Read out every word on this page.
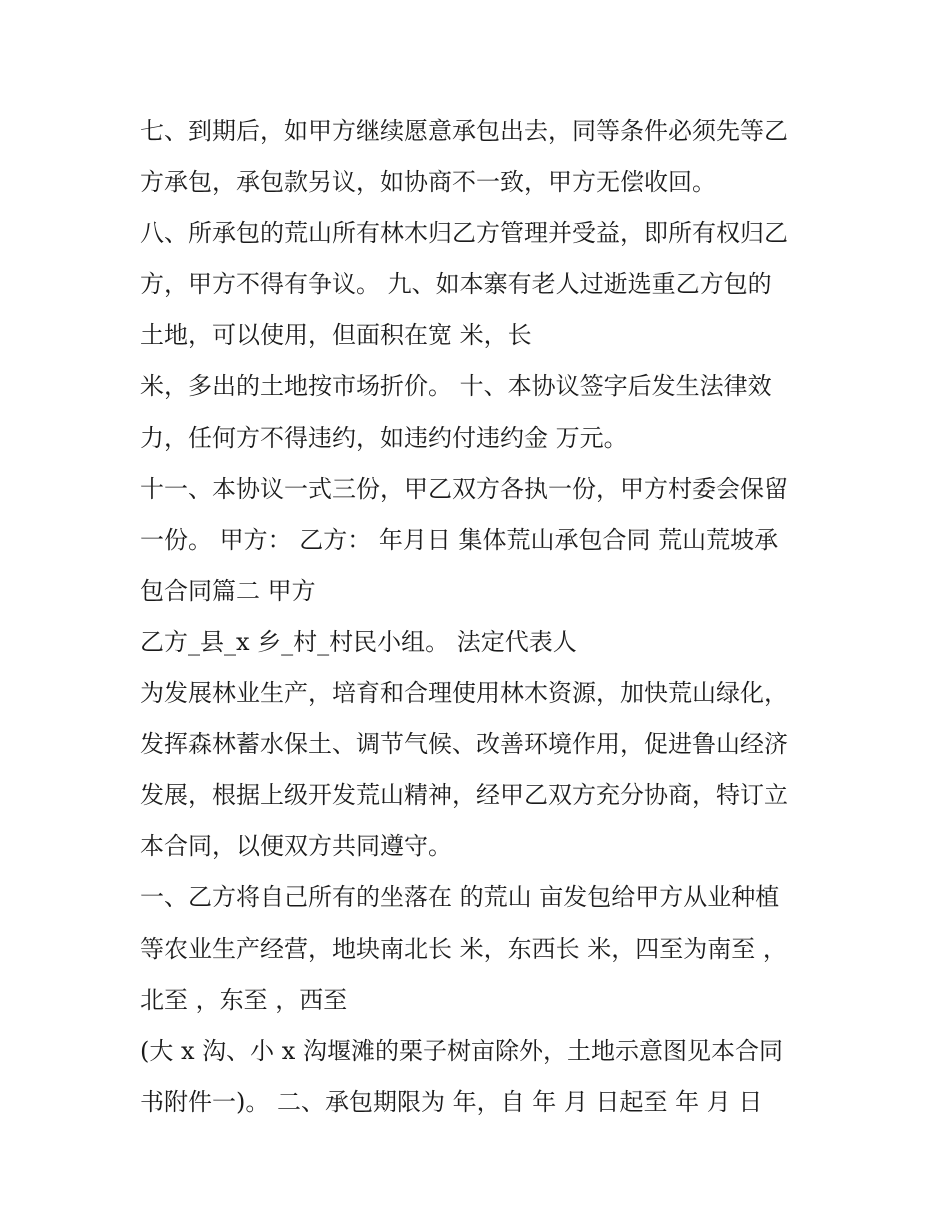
七、到期后，如甲方继续愿意承包出去，同等条件必须先等乙
方承包，承包款另议，如协商不一致，甲方无偿收回。
八、所承包的荒山所有林木归乙方管理并受益，即所有权归乙
方，甲方不得有争议。 九、如本寨有老人过逝选重乙方包的
土地，可以使用，但面积在宽 米，长
米，多出的土地按市场折价。 十、本协议签字后发生法律效
力，任何方不得违约，如违约付违约金 万元。
十一、本协议一式三份，甲乙双方各执一份，甲方村委会保留
一份。 甲方： 乙方： 年月日 集体荒山承包合同 荒山荒坡承
包合同篇二 甲方
乙方_县_x 乡_村_村民小组。 法定代表人
为发展林业生产，培育和合理使用林木资源，加快荒山绿化，
发挥森林蓄水保土、调节气候、改善环境作用，促进鲁山经济
发展，根据上级开发荒山精神，经甲乙双方充分协商，特订立
本合同，以便双方共同遵守。
一、乙方将自己所有的坐落在 的荒山 亩发包给甲方从业种植
等农业生产经营，地块南北长 米，东西长 米，四至为南至 ，
北至 ，东至 ，西至
(大 x 沟、小 x 沟堰滩的栗子树亩除外，土地示意图见本合同
书附件一)。 二、承包期限为 年，自 年 月 日起至 年 月 日
